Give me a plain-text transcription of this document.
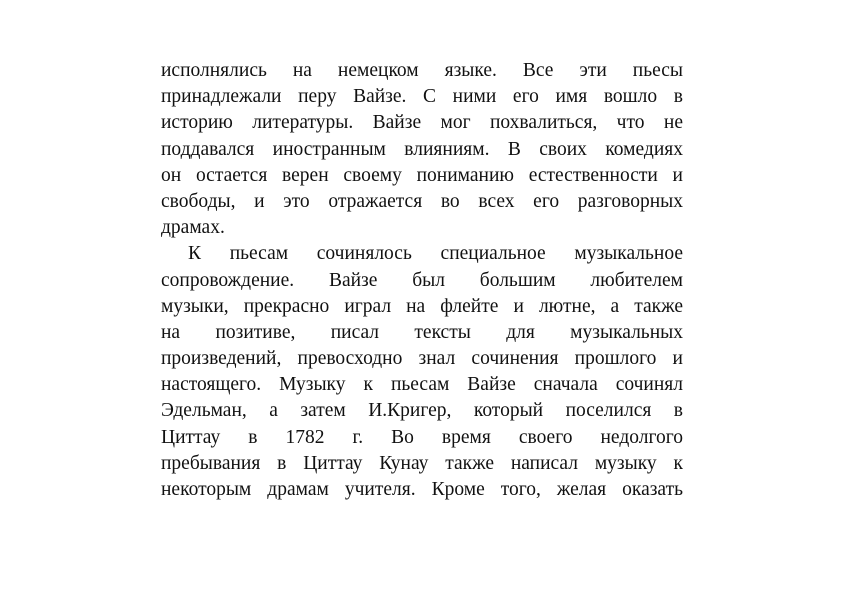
исполнялись на немецком языке. Все эти пьесы
принадлежали перу Вайзе. С ними его имя вошло в
историю литературы. Вайзе мог похвалиться, что не
поддавался иностранным влияниям. В своих комедиях
он остается верен своему пониманию естественности и
свободы, и это отражается во всех его разговорных
драмах.
К пьесам сочинялось специальное музыкальное
сопровождение. Вайзе был большим любителем
музыки, прекрасно играл на флейте и лютне, а также
на позитиве, писал тексты для музыкальных
произведений, превосходно знал сочинения прошлого и
настоящего. Музыку к пьесам Вайзе сначала сочинял
Эдельман, а затем И.Кригер, который поселился в
Циттау в 1782 г. Во время своего недолгого
пребывания в Циттау Кунау также написал музыку к
некоторым драмам учителя. Кроме того, желая оказать
